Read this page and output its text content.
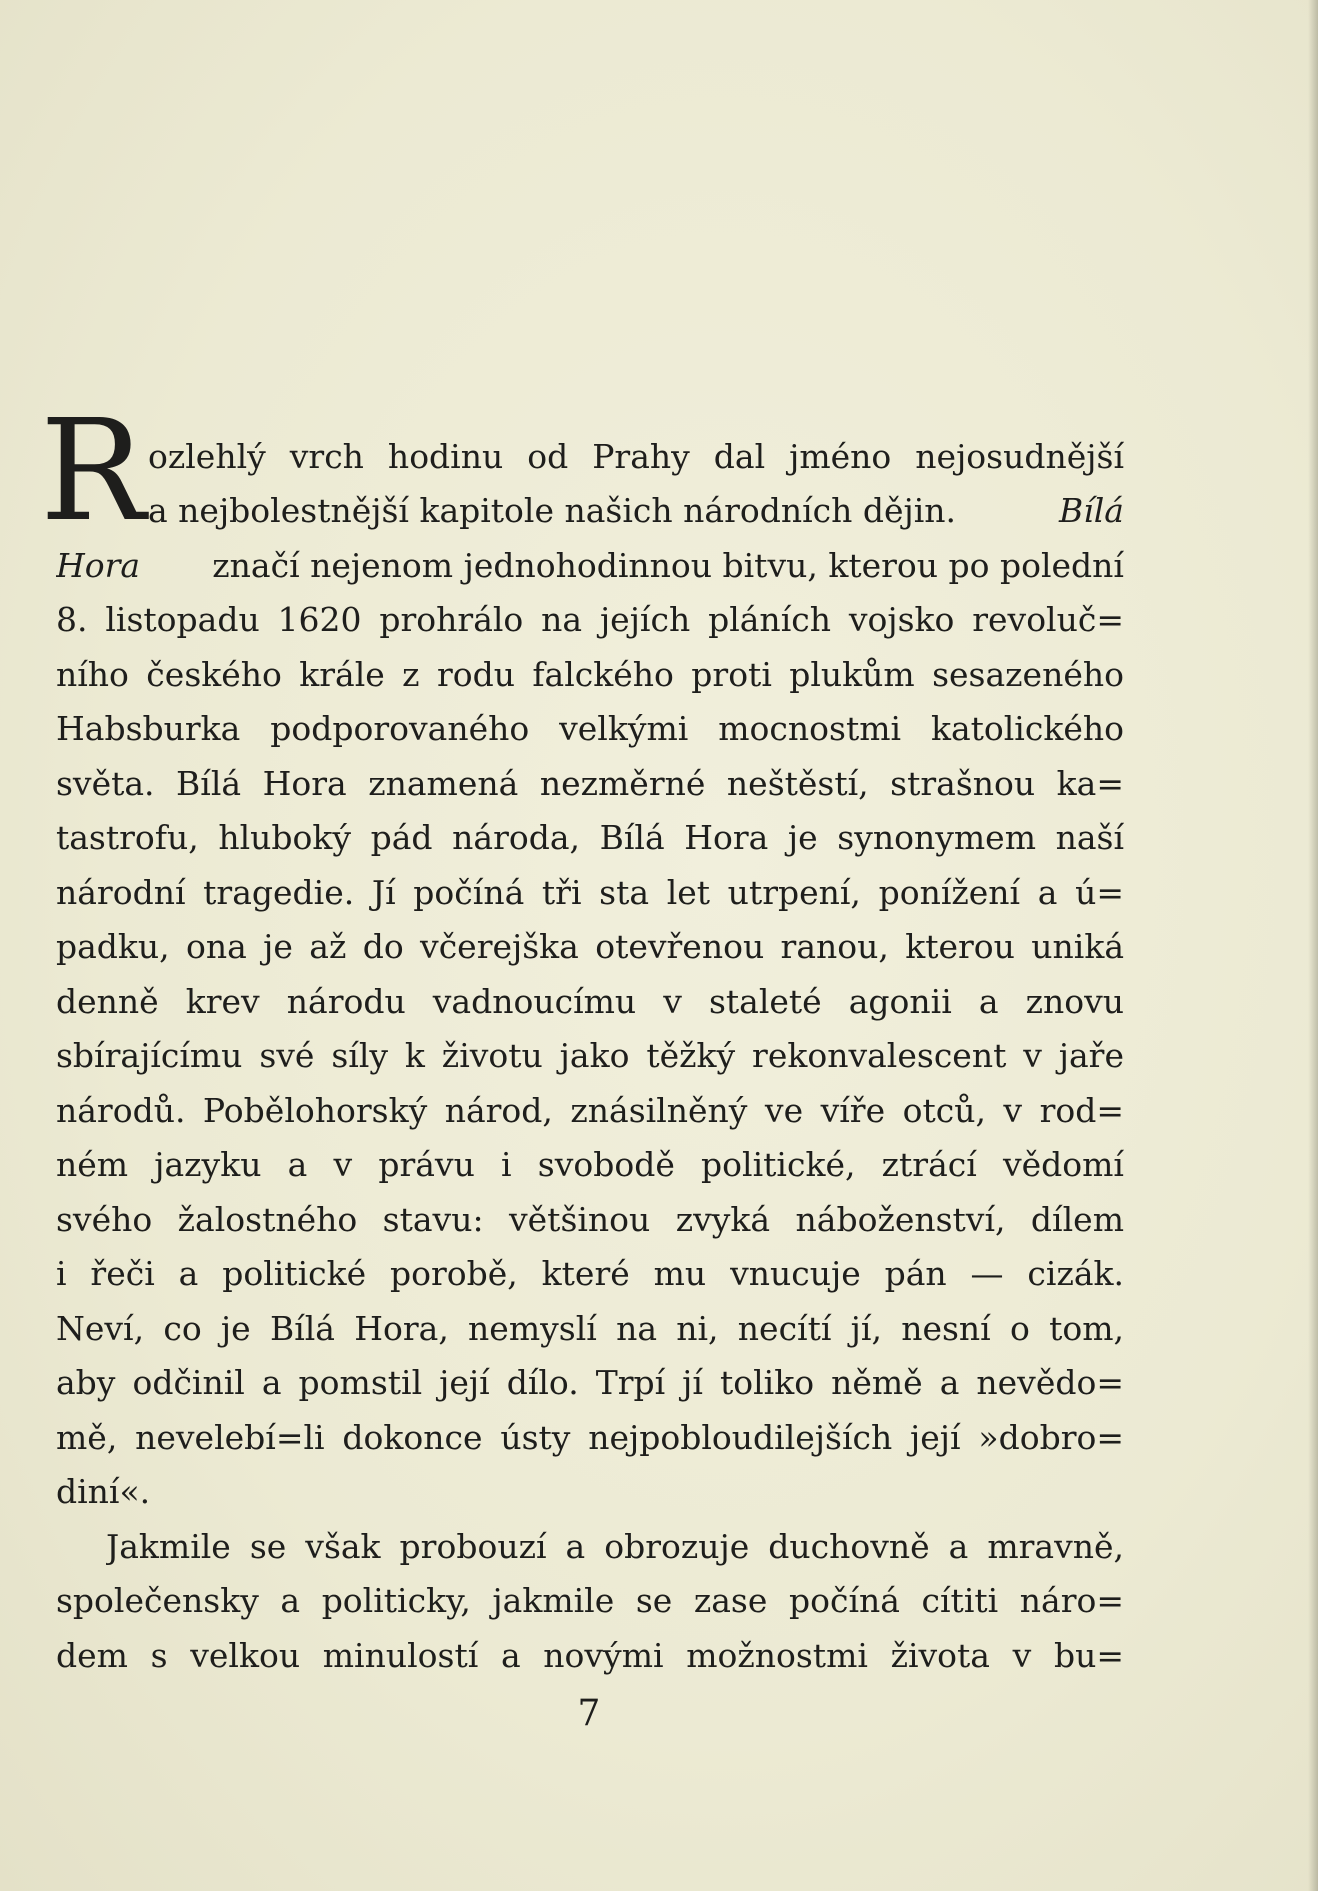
R ozlehlý vrch hodinu od Prahy dal jméno nejosudnější
a nejbolestnější kapitole našich národních dějin.	Bílá
Hora značí nejenom jednohodinnou bitvu, kterou po polední
8. listopadu 1620 prohrálo na jejích pláních vojsko revoluč=
ního českého krále z rodu falckého proti plukům sesazeného
Habsburka podporovaného velkými mocnostmi katolického
světa. Bílá Hora znamená nezměrné neštěstí, strašnou ka=
tastrofu, hluboký pád národa, Bílá Hora je synonymem naší
národní tragedie. Jí počíná tři sta let utrpení, ponížení a ú=
padku, ona je až do včerejška otevřenou ranou, kterou uniká
denně krev národu vadnoucímu v staleté agonii a znovu
sbírajícímu své síly k životu jako těžký rekonvalescent v jaře
národů. Pobělohorský národ, znásilněný ve víře otců, v rod=
ném jazyku a v právu i svobodě politické, ztrácí vědomí
svého žalostného stavu: většinou zvyká náboženství, dílem
i řeči a politické porobě, které mu vnucuje pán — cizák.
Neví, co je Bílá Hora, nemyslí na ni, necítí jí, nesní o tom,
aby odčinil a pomstil její dílo. Trpí jí toliko němě a nevědo=
mě, nevelebí=li dokonce ústy nejpobloudilejších její »dobro=
diní«.
Jakmile se však probouzí a obrozuje duchovně a mravně,
společensky a politicky, jakmile se zase počíná cítiti náro=
dem s velkou minulostí a novými možnostmi života v bu=
7
